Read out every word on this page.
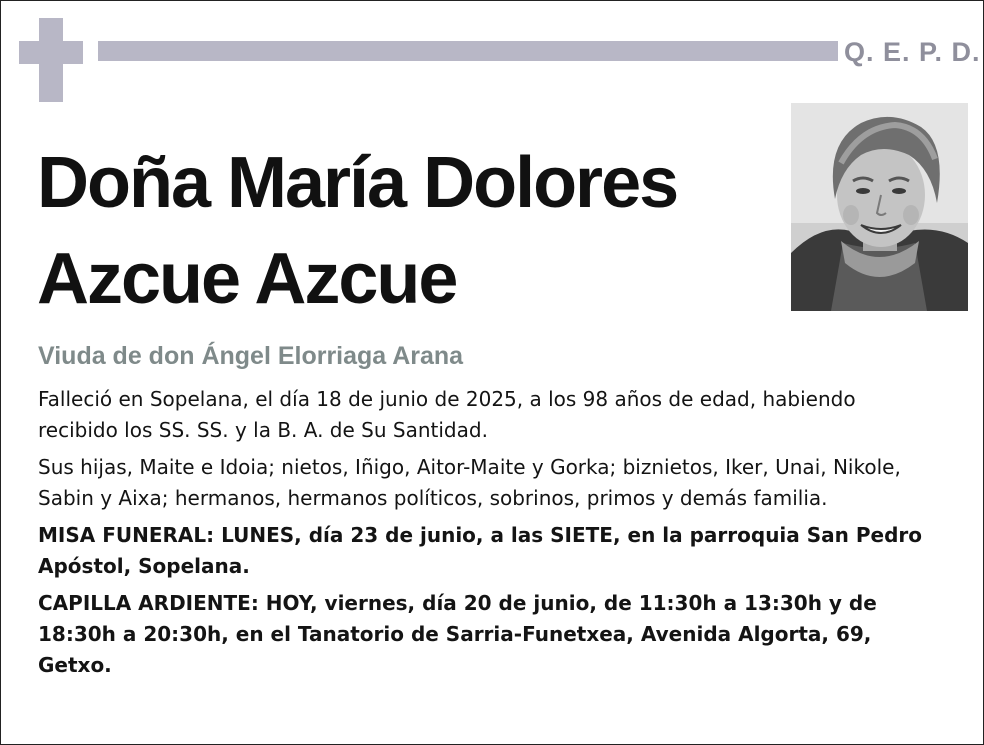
Q. E. P. D.
Doña María Dolores
Azcue Azcue
Viuda de don Ángel Elorriaga Arana

Falleció en Sopelana, el día 18 de junio de 2025, a los 98 años de edad, habiendo recibido los SS. SS. y la B. A. de Su Santidad.

Sus hijas, Maite e Idoia; nietos, Iñigo, Aitor-Maite y Gorka; biznietos, Iker, Unai, Nikole, Sabin y Aixa; hermanos, hermanos políticos, sobrinos, primos y demás familia.

MISA FUNERAL: LUNES, día 23 de junio, a las SIETE, en la parroquia San Pedro Apóstol, Sopelana.

CAPILLA ARDIENTE: HOY, viernes, día 20 de junio, de 11:30h a 13:30h y de 18:30h a 20:30h, en el Tanatorio de Sarria-Funetxea, Avenida Algorta, 69, Getxo.
